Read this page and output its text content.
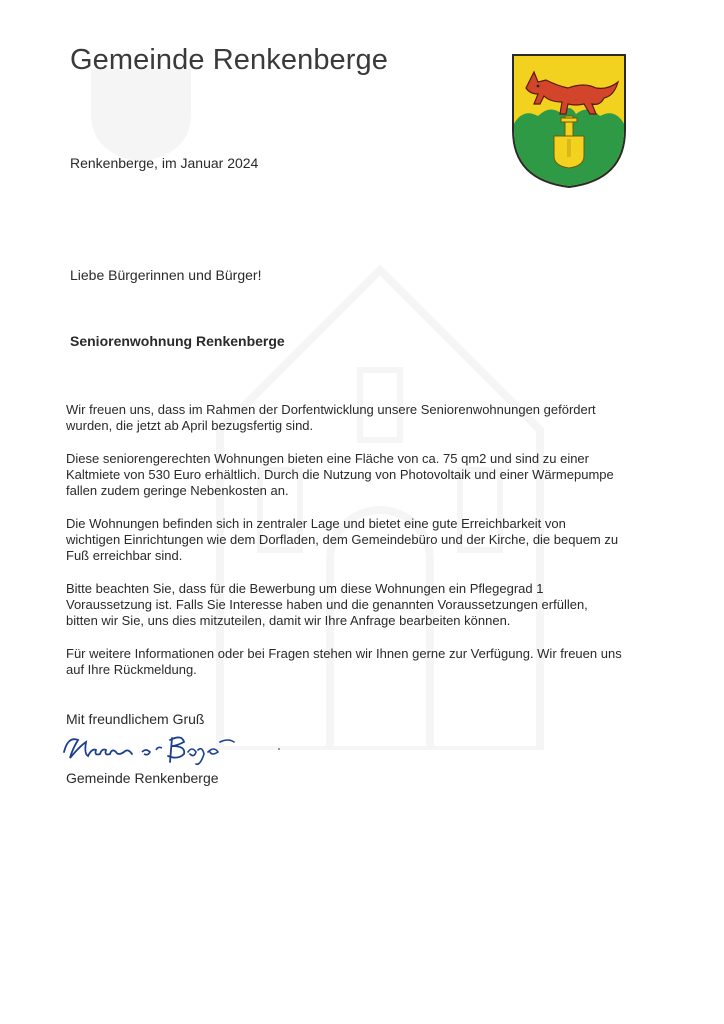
Gemeinde Renkenberge
Renkenberge, im Januar 2024
Liebe Bürgerinnen und Bürger!
Seniorenwohnung Renkenberge

Wir freuen uns, dass im Rahmen der Dorfentwicklung unsere Seniorenwohnungen gefördert wurden, die jetzt ab April bezugsfertig sind.

Diese seniorengerechten Wohnungen bieten eine Fläche von ca. 75 qm2 und sind zu einer Kaltmiete von 530 Euro erhältlich. Durch die Nutzung von Photovoltaik und einer Wärmepumpe fallen zudem geringe Nebenkosten an.

Die Wohnungen befinden sich in zentraler Lage und bietet eine gute Erreichbarkeit von wichtigen Einrichtungen wie dem Dorfladen, dem Gemeindebüro und der Kirche, die bequem zu Fuß erreichbar sind.

Bitte beachten Sie, dass für die Bewerbung um diese Wohnungen ein Pflegegrad 1 Voraussetzung ist. Falls Sie Interesse haben und die genannten Voraussetzungen erfüllen, bitten wir Sie, uns dies mitzuteilen, damit wir Ihre Anfrage bearbeiten können.

Für weitere Informationen oder bei Fragen stehen wir Ihnen gerne zur Verfügung. Wir freuen uns auf Ihre Rückmeldung.

Mit freundlichem Gruß
Gemeinde Renkenberge
